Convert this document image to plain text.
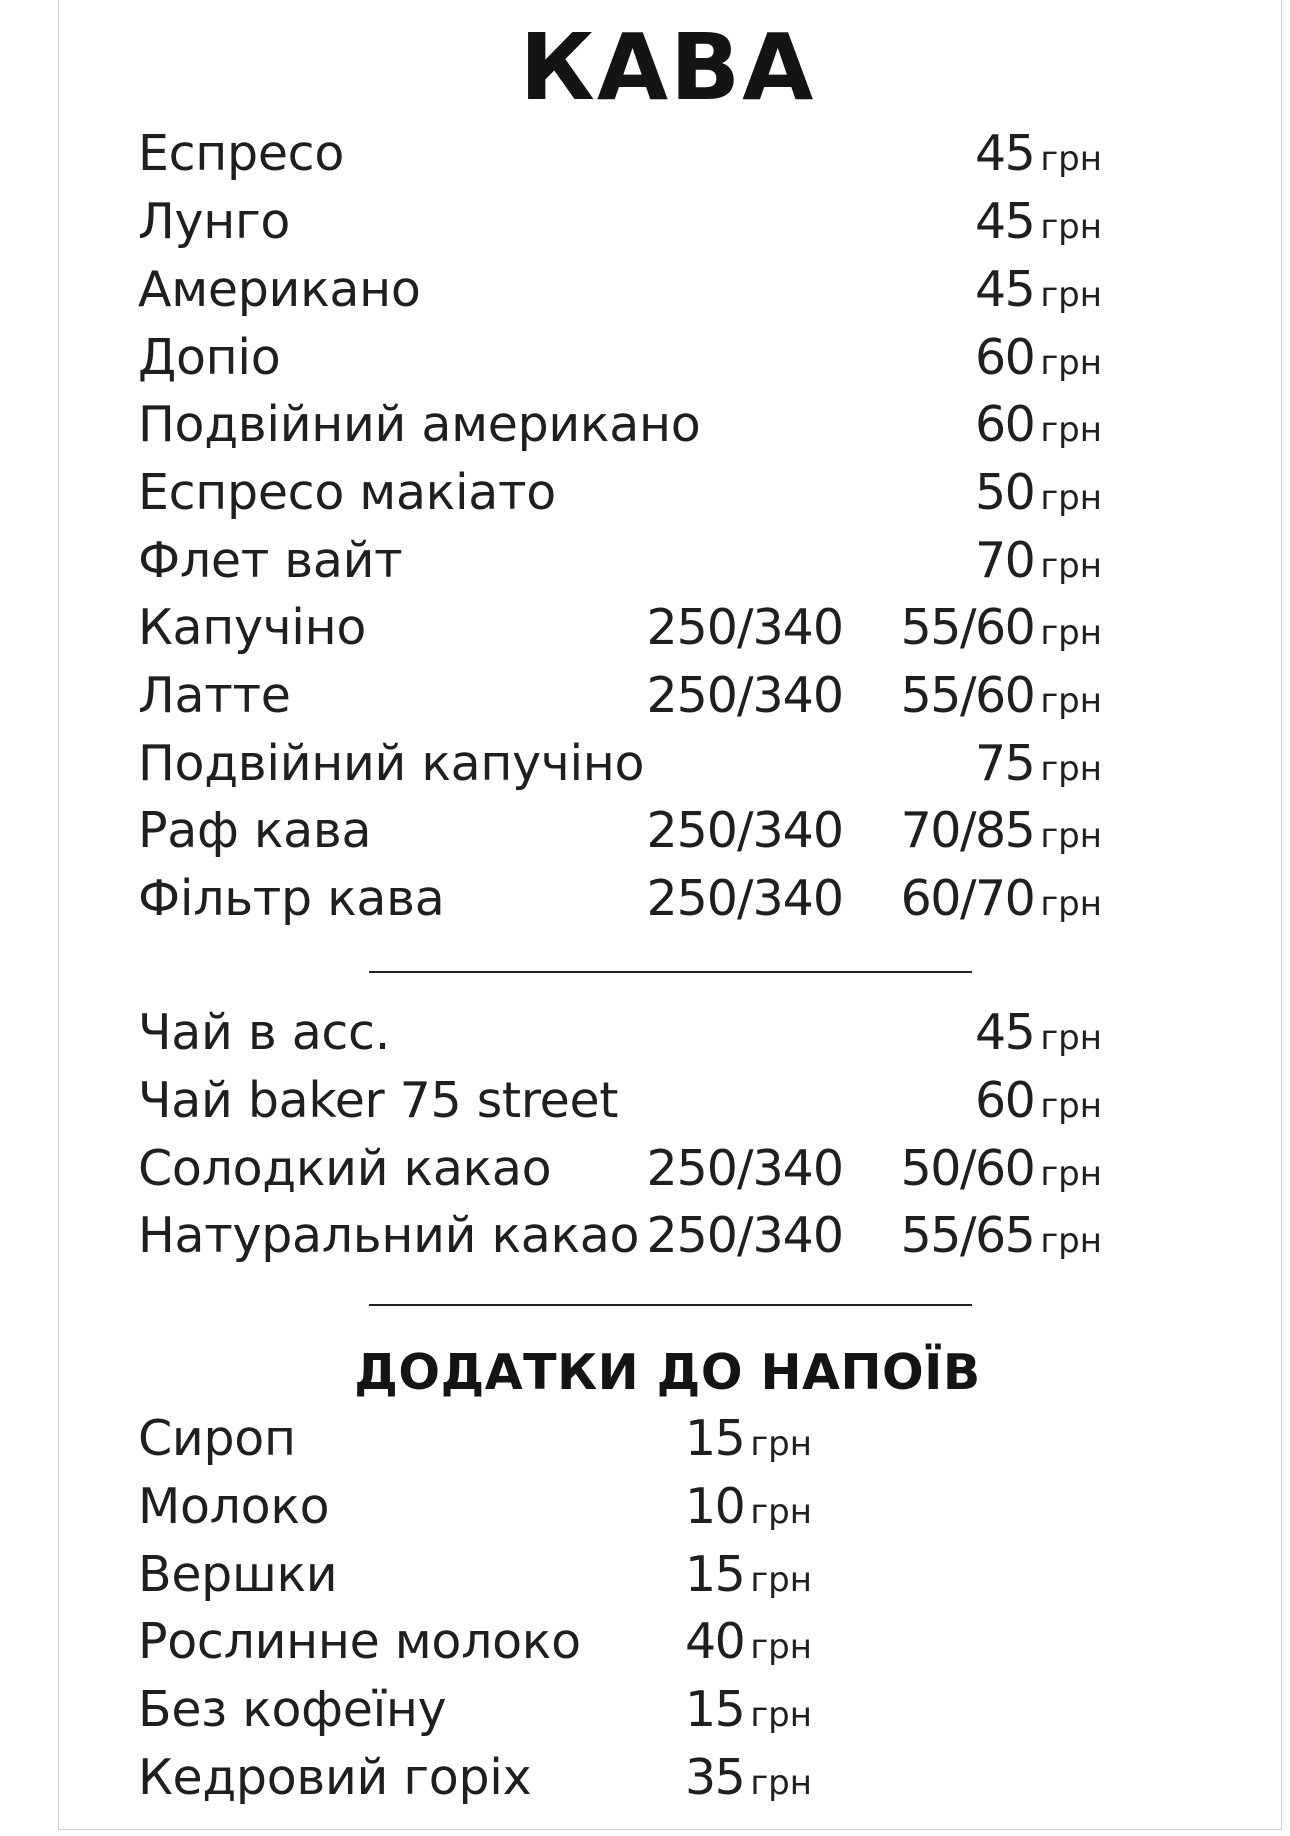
КАВА
Еспресо	45 грн
Лунго	45 грн
Американо	45 грн
Допіо	60 грн
Подвійний американо	60 грн
Еспресо макіато	50 грн
Флет вайт	70 грн
Капучіно	250/340 55/60 грн
Латте	250/340 55/60 грн
Подвійний капучіно	75 грн
Раф кава	250/340 70/85 грн
Фільтр кава	250/340 60/70 грн
Чай в асс.	45 грн
Чай baker 75 street	60 грн
Солодкий какао 250/340 50/60 грн
Натуральний какао 250/340 55/65 грн
ДОДАТКИ ДО НАПОЇВ
Сироп	15 грн
Молоко	10 грн
Вершки	15 грн
Рослинне молоко 40 грн
Без кофеїну	15 грн
Кедровий горіх	35 грн
